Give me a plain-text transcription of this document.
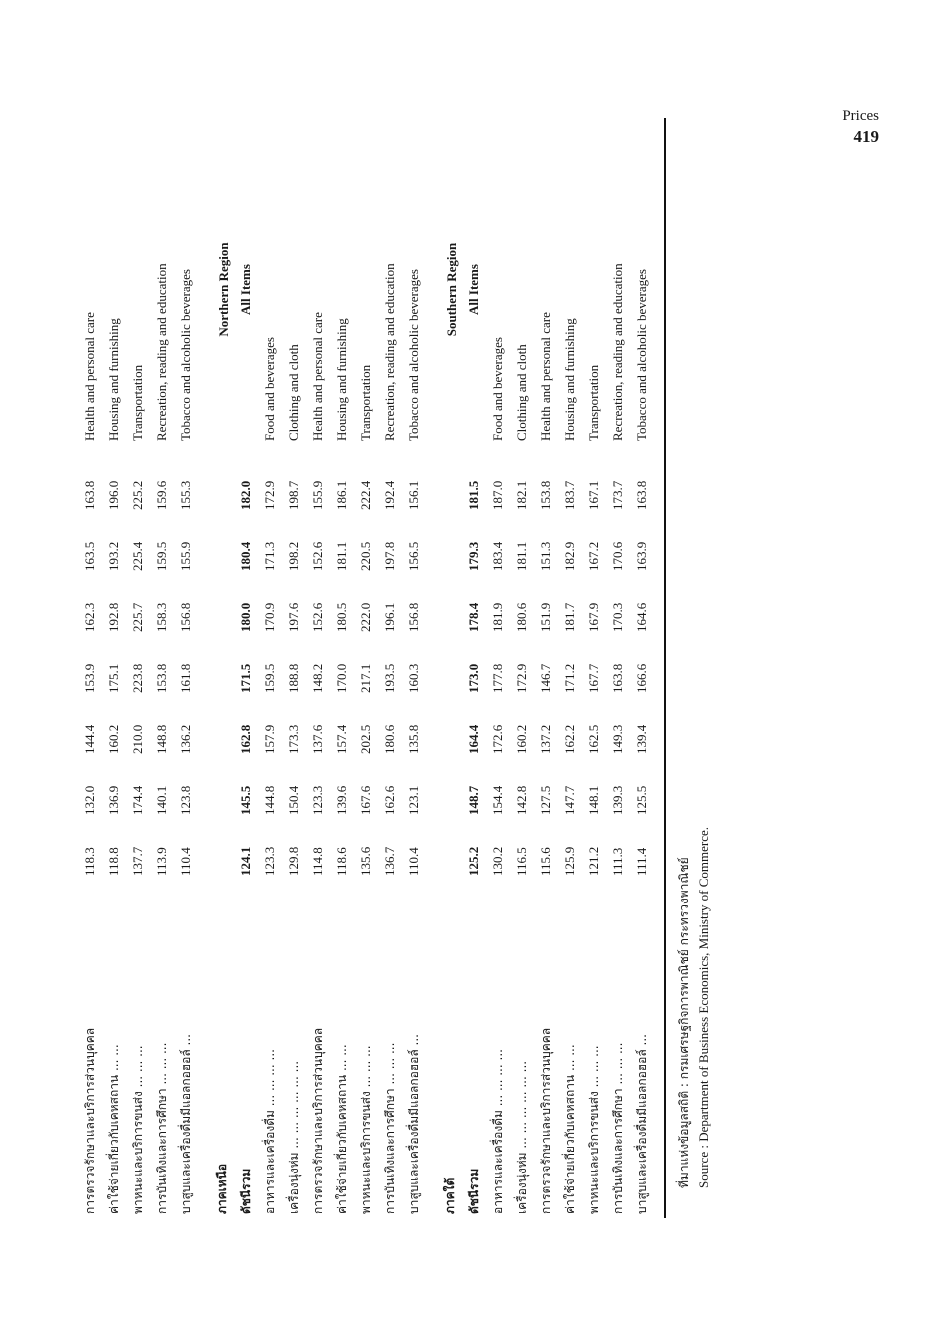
Prices
419
การตรวจรักษาและบริการส่วนบุคคล	118.3	132.0	144.4	153.9	162.3	163.5	163.8	Health and personal care
ค่าใช้จ่ายเกี่ยวกับเคหสถาน ... ...	118.8	136.9	160.2	175.1	192.8	193.2	196.0	Housing and furnishing
พาหนะและบริการขนส่ง ... ... ...	137.7	174.4	210.0	223.8	225.7	225.4	225.2	Transportation
การบันเทิงและการศึกษา ... ... ...	113.9	140.1	148.8	153.8	158.3	159.5	159.6	Recreation, reading and education
บาสูบและเครื่องดื่มมีแอลกอฮอล์ ...	110.4	123.8	136.2	161.8	156.8	155.9	155.3	Tobacco and alcoholic beverages
ภาคเหนือ								Northern Region
ดัชนีรวม	124.1	145.5	162.8	171.5	180.0	180.4	182.0	All Items
อาหารและเครื่องดื่ม ... ... ... ...	123.3	144.8	157.9	159.5	170.9	171.3	172.9	Food and beverages
เครื่องนุ่งห่ม ... ... ... ... ... ...	129.8	150.4	173.3	188.8	197.6	198.2	198.7	Clothing and cloth
การตรวจรักษาและบริการส่วนบุคคล	114.8	123.3	137.6	148.2	152.6	152.6	155.9	Health and personal care
ค่าใช้จ่ายเกี่ยวกับเคหสถาน ... ...	118.6	139.6	157.4	170.0	180.5	181.1	186.1	Housing and furnishing
พาหนะและบริการขนส่ง ... ... ...	135.6	167.6	202.5	217.1	222.0	220.5	222.4	Transportation
การบันเทิงและการศึกษา ... ... ...	136.7	162.6	180.6	193.5	196.1	197.8	192.4	Recreation, reading and education
บาสูบและเครื่องดื่มมีแอลกอฮอล์ ...	110.4	123.1	135.8	160.3	156.8	156.5	156.1	Tobacco and alcoholic beverages
ภาคใต้								Southern Region
ดัชนีรวม	125.2	148.7	164.4	173.0	178.4	179.3	181.5	All Items
อาหารและเครื่องดื่ม ... ... ... ...	130.2	154.4	172.6	177.8	181.9	183.4	187.0	Food and beverages
เครื่องนุ่งห่ม ... ... ... ... ... ...	116.5	142.8	160.2	172.9	180.6	181.1	182.1	Clothing and cloth
การตรวจรักษาและบริการส่วนบุคคล	115.6	127.5	137.2	146.7	151.9	151.3	153.8	Health and personal care
ค่าใช้จ่ายเกี่ยวกับเคหสถาน ... ...	125.9	147.7	162.2	171.2	181.7	182.9	183.7	Housing and furnishing
พาหนะและบริการขนส่ง ... ... ...	121.2	148.1	162.5	167.7	167.9	167.2	167.1	Transportation
การบันเทิงและการศึกษา ... ... ...	111.3	139.3	149.3	163.8	170.3	170.6	173.7	Recreation, reading and education
บาสูบและเครื่องดื่มมีแอลกอฮอล์ ...	111.4	125.5	139.4	166.6	164.6	163.9	163.8	Tobacco and alcoholic beverages
ที่มาแห่งข้อมูลสถิติ : กรมเศรษฐกิจการพาณิชย์ กระทรวงพาณิชย์ Source : Department of Business Economics, Ministry of Commerce.
